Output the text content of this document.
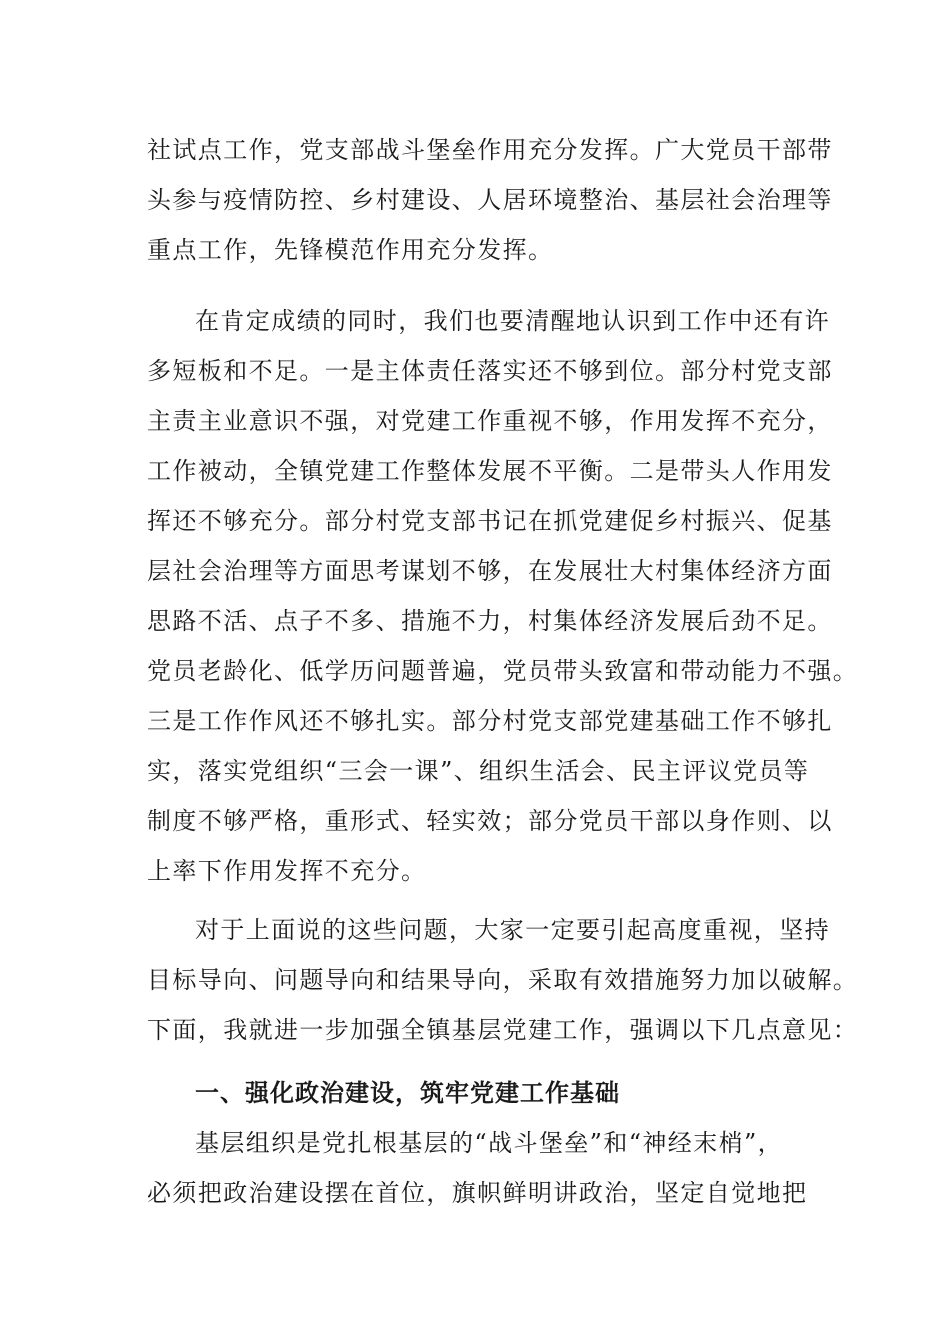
社试点工作，党支部战斗堡垒作用充分发挥。广大党员干部带

头参与疫情防控、乡村建设、人居环境整治、基层社会治理等

重点工作，先锋模范作用充分发挥。

在肯定成绩的同时，我们也要清醒地认识到工作中还有许

多短板和不足。一是主体责任落实还不够到位。部分村党支部

主责主业意识不强，对党建工作重视不够，作用发挥不充分，

工作被动，全镇党建工作整体发展不平衡。二是带头人作用发

挥还不够充分。部分村党支部书记在抓党建促乡村振兴、促基

层社会治理等方面思考谋划不够，在发展壮大村集体经济方面

思路不活、点子不多、措施不力，村集体经济发展后劲不足。

党员老龄化、低学历问题普遍，党员带头致富和带动能力不强。

三是工作作风还不够扎实。部分村党支部党建基础工作不够扎

实，落实党组织“三会一课”、组织生活会、民主评议党员等

制度不够严格，重形式、轻实效；部分党员干部以身作则、以

上率下作用发挥不充分。

对于上面说的这些问题，大家一定要引起高度重视，坚持

目标导向、问题导向和结果导向，采取有效措施努力加以破解。

下面，我就进一步加强全镇基层党建工作，强调以下几点意见：

一、强化政治建设，筑牢党建工作基础

基层组织是党扎根基层的“战斗堡垒”和“神经末梢”，

必须把政治建设摆在首位，旗帜鲜明讲政治，坚定自觉地把
